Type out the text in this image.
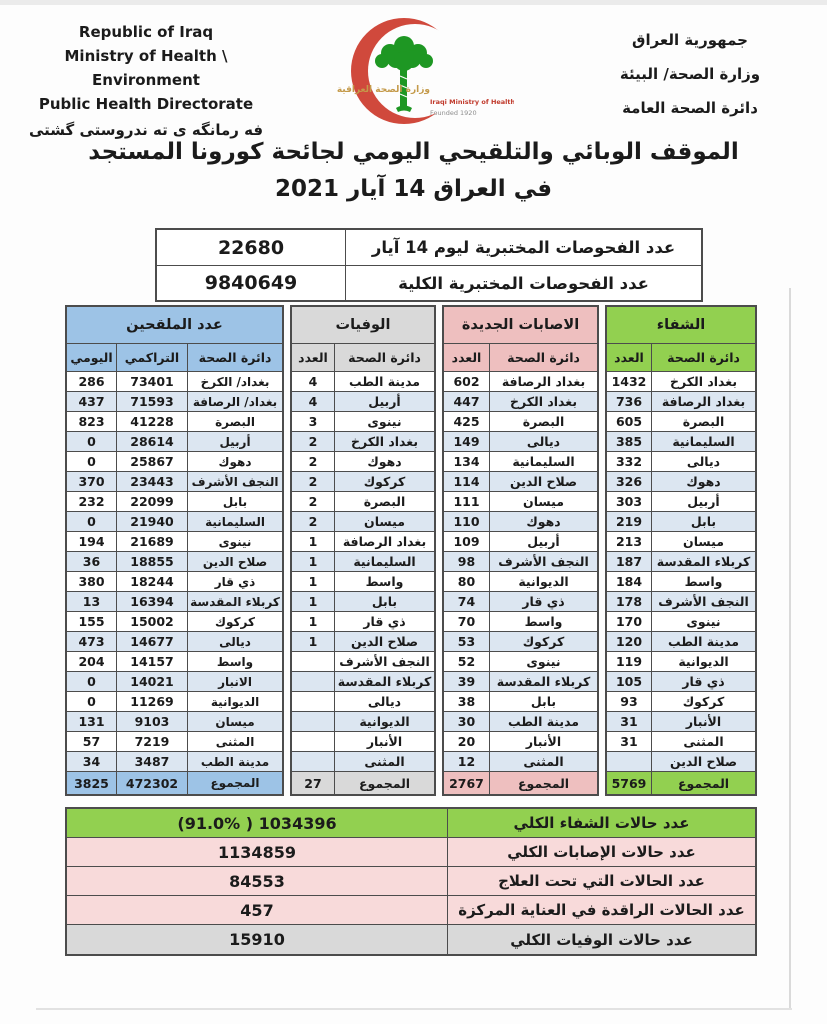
Republic of Iraq
Ministry of Health \ Environment
Public Health Directorate
فه رمانگه ى ته ندروستى گشتى
وزارة الصحة العراقية
Iraqi Ministry of Health
Founded 1920
جمهورية العراق
وزارة الصحة/ البيئة
دائرة الصحة العامة
الموقف الوبائي والتلقيحي اليومي لجائحة كورونا المستجد
في العراق 14 آيار 2021
عدد الفحوصات المختبرية ليوم 14 آيار
22680
عدد الفحوصات المختبرية الكلية
9840649
الشفاء
دائرة الصحة
العدد
بغداد الكرخ
1432
بغداد الرصافة
736
البصرة
605
السليمانية
385
ديالى
332
دهوك
326
أربيل
303
بابل
219
ميسان
213
كربلاء المقدسة
187
واسط
184
النجف الأشرف
178
نينوى
170
مدينة الطب
120
الديوانية
119
ذي قار
105
كركوك
93
الأنبار
31
المثنى
31
صلاح الدين
المجموع
5769
الاصابات الجديدة
دائرة الصحة
العدد
بغداد الرصافة
602
بغداد الكرخ
447
البصرة
425
ديالى
149
السليمانية
134
صلاح الدين
114
ميسان
111
دهوك
110
أربيل
109
النجف الأشرف
98
الديوانية
80
ذي قار
74
واسط
70
كركوك
53
نينوى
52
كربلاء المقدسة
39
بابل
38
مدينة الطب
30
الأنبار
20
المثنى
12
المجموع
2767
الوفيات
دائرة الصحة
العدد
مدينة الطب
4
أربيل
4
نينوى
3
بغداد الكرخ
2
دهوك
2
كركوك
2
البصرة
2
ميسان
2
بغداد الرصافة
1
السليمانية
1
واسط
1
بابل
1
ذي قار
1
صلاح الدين
1
النجف الأشرف
كربلاء المقدسة
ديالى
الديوانية
الأنبار
المثنى
المجموع
27
عدد الملقحين
دائرة الصحة
التراكمي
اليومي
بغداد/ الكرخ
73401
286
بغداد/ الرصافة
71593
437
البصرة
41228
823
أربيل
28614
0
دهوك
25867
0
النجف الأشرف
23443
370
بابل
22099
232
السليمانية
21940
0
نينوى
21689
194
صلاح الدين
18855
36
ذي قار
18244
380
كربلاء المقدسة
16394
13
كركوك
15002
155
ديالى
14677
473
واسط
14157
204
الانبار
14021
0
الديوانية
11269
0
ميسان
9103
131
المثنى
7219
57
مدينة الطب
3487
34
المجموع
472302
3825
عدد حالات الشفاء الكلي
(91.0% ) 1034396
عدد حالات الإصابات الكلي
1134859
عدد الحالات التي تحت العلاج
84553
عدد الحالات الراقدة في العناية المركزة
457
عدد حالات الوفيات الكلي
15910
